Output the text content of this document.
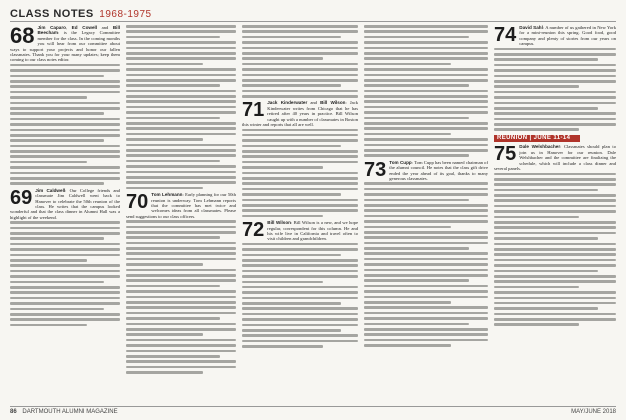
CLASS NOTES 1968-1975
68 Jim Caparo, Ed Cowell and Bill Beecham: is the Legacy Committee member for the class. In the coming months you will hear from our committee about ways to support your projects and honor our fallen classmates. Thank you for your many updates; keep them coming to our class notes editor.

69 Jim Caldwell: Our College friends and classmate Jim Caldwell went back to Hanover to celebrate the 50th reunion of the class. He writes that the campus looked wonderful and that the class dinner in Alumni Hall was a highlight of the weekend.

70 Tom Lehmann: Early planning for our 50th reunion is underway. Tom Lehmann reports that the committee has met twice and welcomes ideas from all classmates. Please send suggestions to our class officers.

71 Jack Kinderwater and Bill Wilson: Jack Kinderwater writes from Chicago that he has retired after 40 years in practice. Bill Wilson caught up with a number of classmates in Boston this winter and reports that all are well.

72 Bill Wilson: Bill Wilson is a new, and we hope regular, correspondent for this column. He and his wife live in California and travel often to visit children and grandchildren.

73 Tom Cupp: Tom Cupp has been named chairman of the alumni council. He notes that the class gift drive ended the year ahead of its goal, thanks to many generous classmates.

74 David Sahl: A number of us gathered in New York for a mini-reunion this spring. Good food, good company and plenty of stories from our years on campus.

REUNION | JUNE 11-14
75 Dale Welshbacher: Classmates should plan to join us in Hanover for our reunion. Dale Welshbacher and the committee are finalizing the schedule, which will include a class dinner and several panels.

86 DARTMOUTH ALUMNI MAGAZINE	MAY/JUNE 2018
